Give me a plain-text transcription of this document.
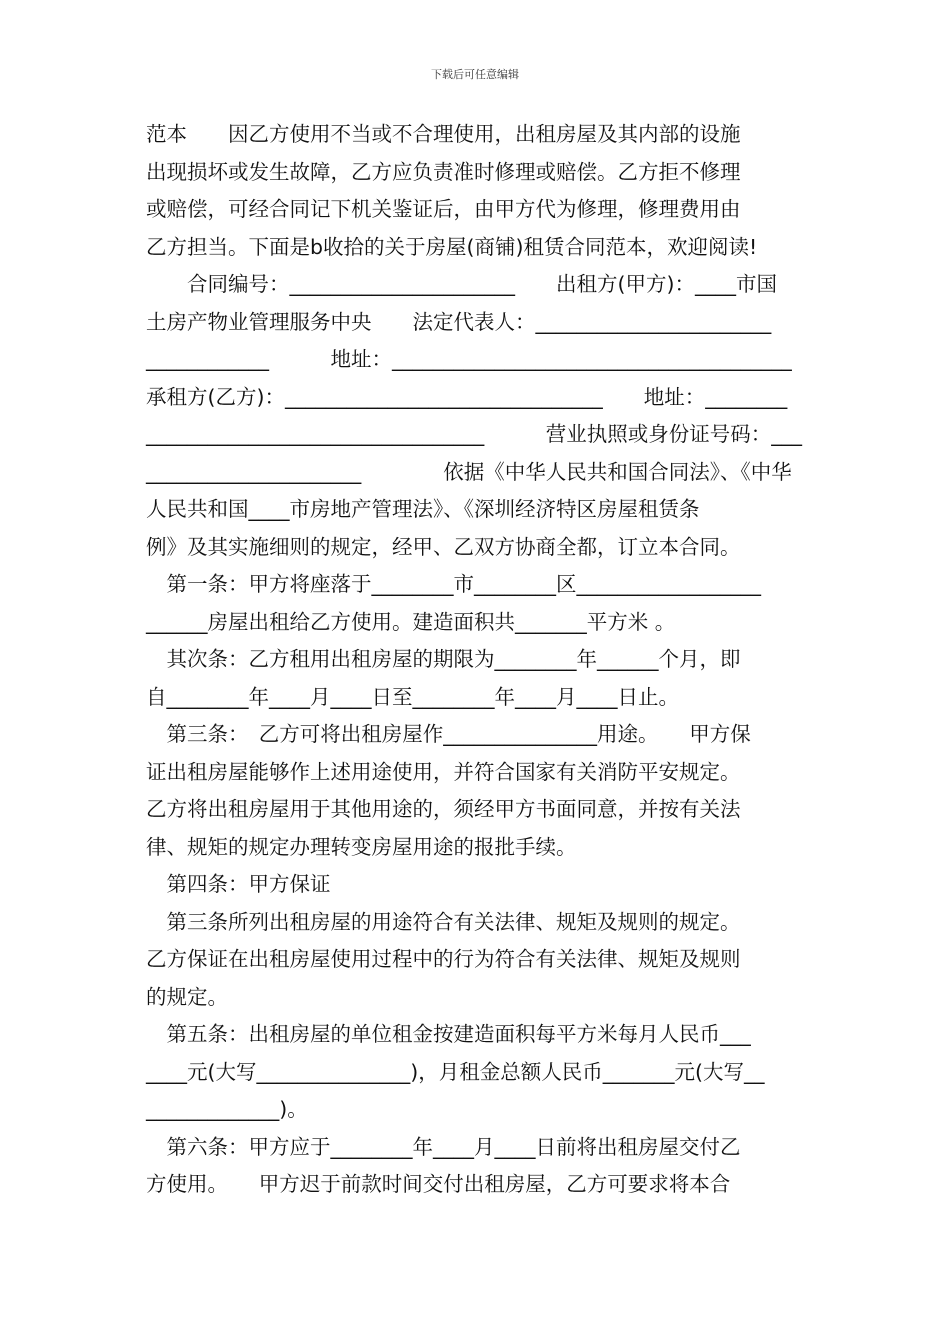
下载后可任意编辑
范本　　因乙方使用不当或不合理使用，出租房屋及其内部的设施
出现损坏或发生故障，乙方应负责准时修理或赔偿。乙方拒不修理
或赔偿，可经合同记下机关鉴证后，由甲方代为修理，修理费用由
乙方担当。下面是b收拾的关于房屋(商铺)租赁合同范本，欢迎阅读!
　　合同编号：______________________　　出租方(甲方)：____市国
土房产物业管理服务中央　　法定代表人：_______________________
____________　　　地址：_______________________________________
承租方(乙方)：_______________________________　　地址：________
_________________________________　　　营业执照或身份证号码：___
_____________________　　　　依据《中华人民共和国合同法》、《中华
人民共和国____市房地产管理法》、《深圳经济特区房屋租赁条
例》及其实施细则的规定，经甲、乙双方协商全都，订立本合同。
　第一条：甲方将座落于________市________区__________________
______房屋出租给乙方使用。建造面积共_______平方米 。
　其次条：乙方租用出租房屋的期限为________年______个月，即
自________年____月____日至________年____月____日止。
　第三条：　乙方可将出租房屋作_______________用途。　　甲方保
证出租房屋能够作上述用途使用，并符合国家有关消防平安规定。
乙方将出租房屋用于其他用途的，须经甲方书面同意，并按有关法
律、规矩的规定办理转变房屋用途的报批手续。
　第四条：甲方保证
　第三条所列出租房屋的用途符合有关法律、规矩及规则的规定。
乙方保证在出租房屋使用过程中的行为符合有关法律、规矩及规则
的规定。
　第五条：出租房屋的单位租金按建造面积每平方米每月人民币___
____元(大写_______________)，月租金总额人民币_______元(大写__
_____________)。
　第六条：甲方应于________年____月____日前将出租房屋交付乙
方使用。　　甲方迟于前款时间交付出租房屋，乙方可要求将本合
